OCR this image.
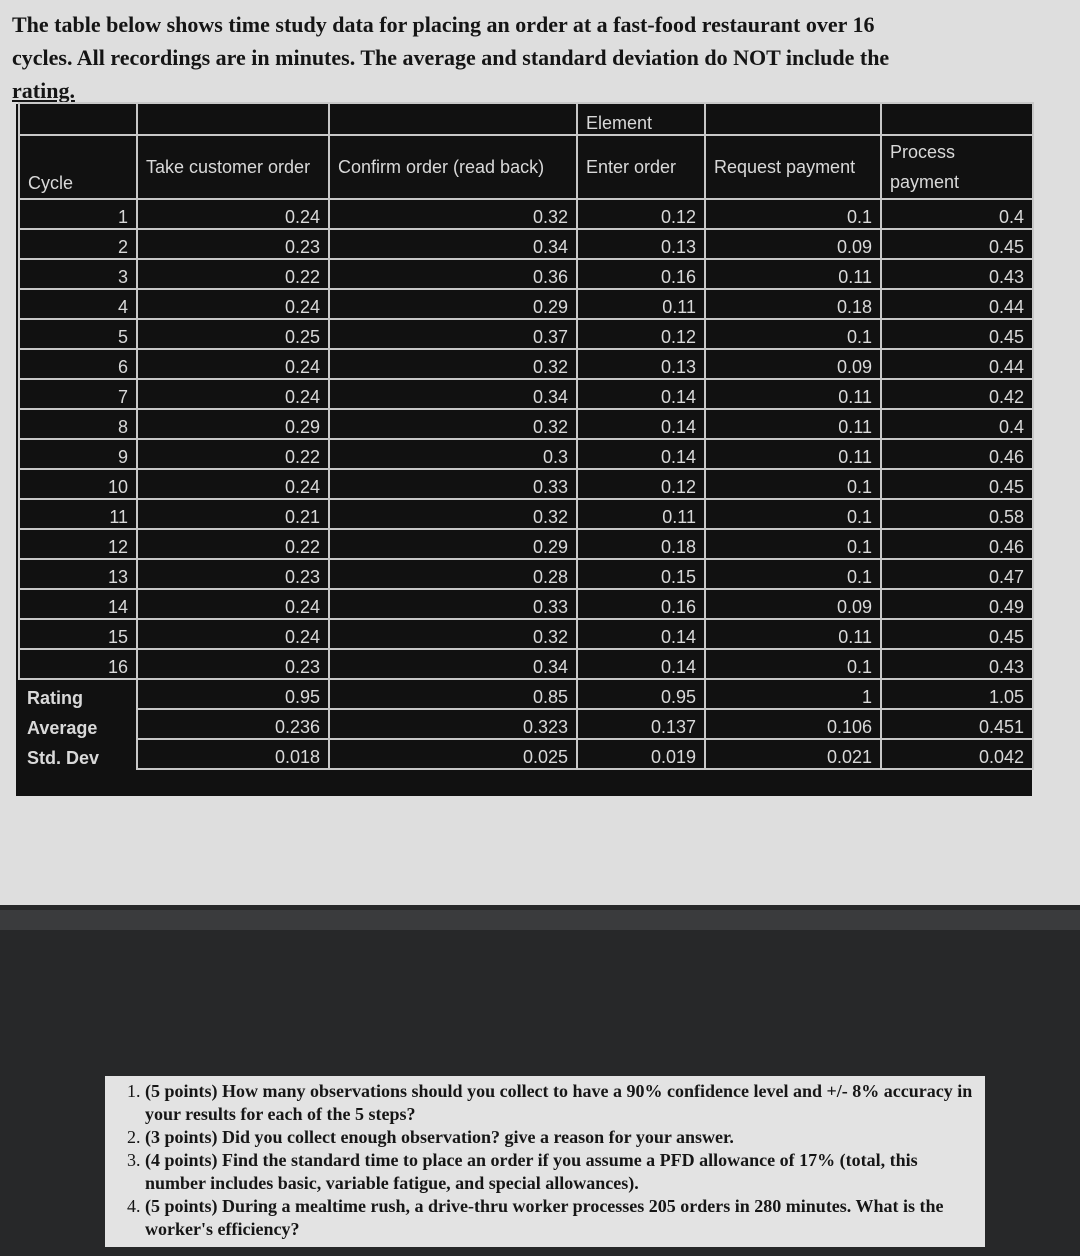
The table below shows time study data for placing an order at a fast-food restaurant over 16
cycles. All recordings are in minutes. The average and standard deviation do NOT include the
rating.
			Element		
Cycle	Take customer order	Confirm order (read back)	Enter order	Request payment	Process payment
1	0.24	0.32	0.12	0.1	0.4
2	0.23	0.34	0.13	0.09	0.45
3	0.22	0.36	0.16	0.11	0.43
4	0.24	0.29	0.11	0.18	0.44
5	0.25	0.37	0.12	0.1	0.45
6	0.24	0.32	0.13	0.09	0.44
7	0.24	0.34	0.14	0.11	0.42
8	0.29	0.32	0.14	0.11	0.4
9	0.22	0.3	0.14	0.11	0.46
10	0.24	0.33	0.12	0.1	0.45
11	0.21	0.32	0.11	0.1	0.58
12	0.22	0.29	0.18	0.1	0.46
13	0.23	0.28	0.15	0.1	0.47
14	0.24	0.33	0.16	0.09	0.49
15	0.24	0.32	0.14	0.11	0.45
16	0.23	0.34	0.14	0.1	0.43
Rating	0.95	0.85	0.95	1	1.05
Average	0.236	0.323	0.137	0.106	0.451
Std. Dev	0.018	0.025	0.019	0.021	0.042
1. (5 points) How many observations should you collect to have a 90% confidence level and +/- 8% accuracy in your results for each of the 5 steps?
2. (3 points) Did you collect enough observation? give a reason for your answer.
3. (4 points) Find the standard time to place an order if you assume a PFD allowance of 17% (total, this number includes basic, variable fatigue, and special allowances).
4. (5 points) During a mealtime rush, a drive-thru worker processes 205 orders in 280 minutes. What is the worker's efficiency?
